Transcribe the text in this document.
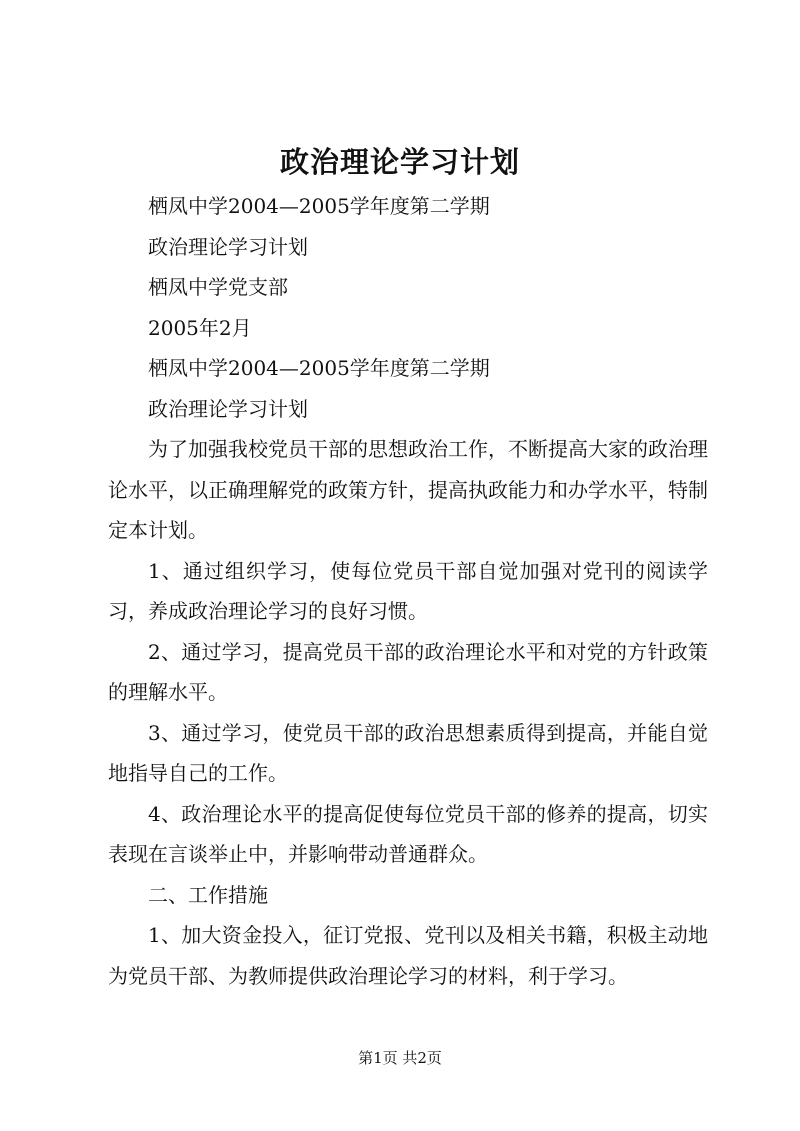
政治理论学习计划
栖凤中学2004—2005学年度第二学期
政治理论学习计划
栖凤中学党支部
2005年2月
栖凤中学2004—2005学年度第二学期
政治理论学习计划
为了加强我校党员干部的思想政治工作，不断提高大家的政治理论水平，以正确理解党的政策方针，提高执政能力和办学水平，特制定本计划。
1、通过组织学习，使每位党员干部自觉加强对党刊的阅读学习，养成政治理论学习的良好习惯。
2、通过学习，提高党员干部的政治理论水平和对党的方针政策的理解水平。
3、通过学习，使党员干部的政治思想素质得到提高，并能自觉地指导自己的工作。
4、政治理论水平的提高促使每位党员干部的修养的提高，切实表现在言谈举止中，并影响带动普通群众。
二、工作措施
1、加大资金投入，征订党报、党刊以及相关书籍，积极主动地为党员干部、为教师提供政治理论学习的材料，利于学习。
第1页 共2页
